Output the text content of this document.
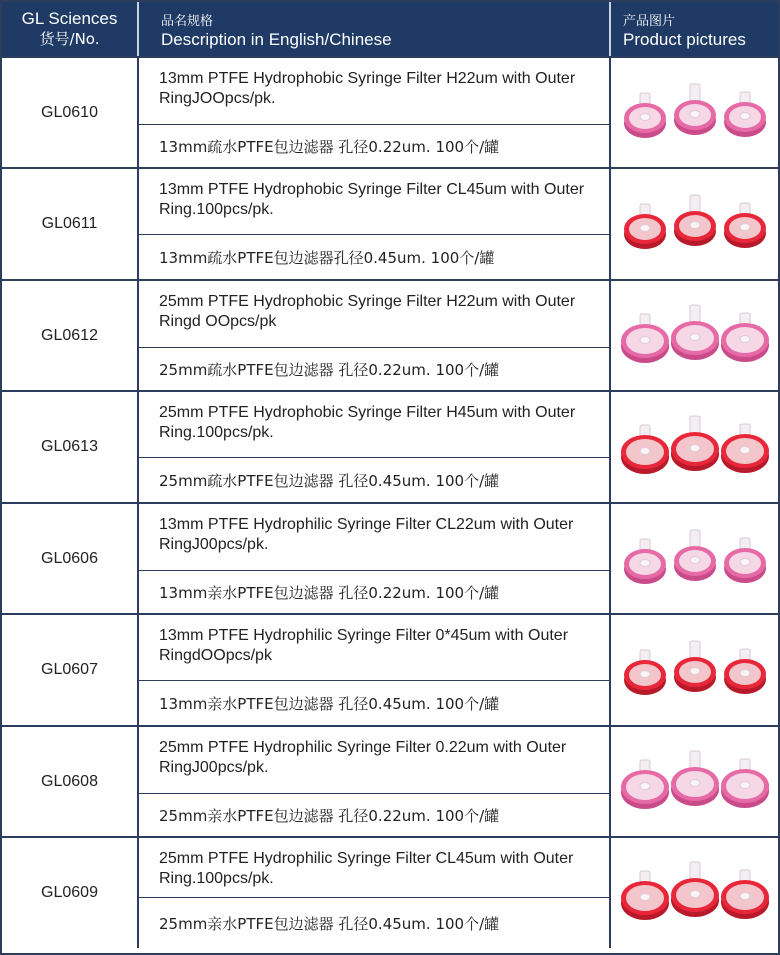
GL Sciences
货号/No.
品名规格
Description in English/Chinese
产品图片
Product pictures
GL0610
13mm PTFE Hydrophobic Syringe Filter H22um with Outer RingJOOpcs/pk.
13mm疏水PTFE包边滤器 孔径0.22um. 100个/罐
GL0611
13mm PTFE Hydrophobic Syringe Filter CL45um with Outer Ring.100pcs/pk.
13mm疏水PTFE包边滤器孔径0.45um. 100个/罐
GL0612
25mm PTFE Hydrophobic Syringe Filter H22um with Outer Ringd OOpcs/pk
25mm疏水PTFE包边滤器 孔径0.22um. 100个/罐
GL0613
25mm PTFE Hydrophobic Syringe Filter H45um with Outer Ring.100pcs/pk.
25mm疏水PTFE包边滤器 孔径0.45um. 100个/罐
GL0606
13mm PTFE Hydrophilic Syringe Filter CL22um with Outer RingJ00pcs/pk.
13mm亲水PTFE包边滤器 孔径0.22um. 100个/罐
GL0607
13mm PTFE Hydrophilic Syringe Filter 0*45um with Outer RingdOOpcs/pk
13mm亲水PTFE包边滤器 孔径0.45um. 100个/罐
GL0608
25mm PTFE Hydrophilic Syringe Filter 0.22um with Outer RingJ00pcs/pk.
25mm亲水PTFE包边滤器 孔径0.22um. 100个/罐
GL0609
25mm PTFE Hydrophilic Syringe Filter CL45um with Outer Ring.100pcs/pk.
25mm亲水PTFE包边滤器 孔径0.45um. 100个/罐
